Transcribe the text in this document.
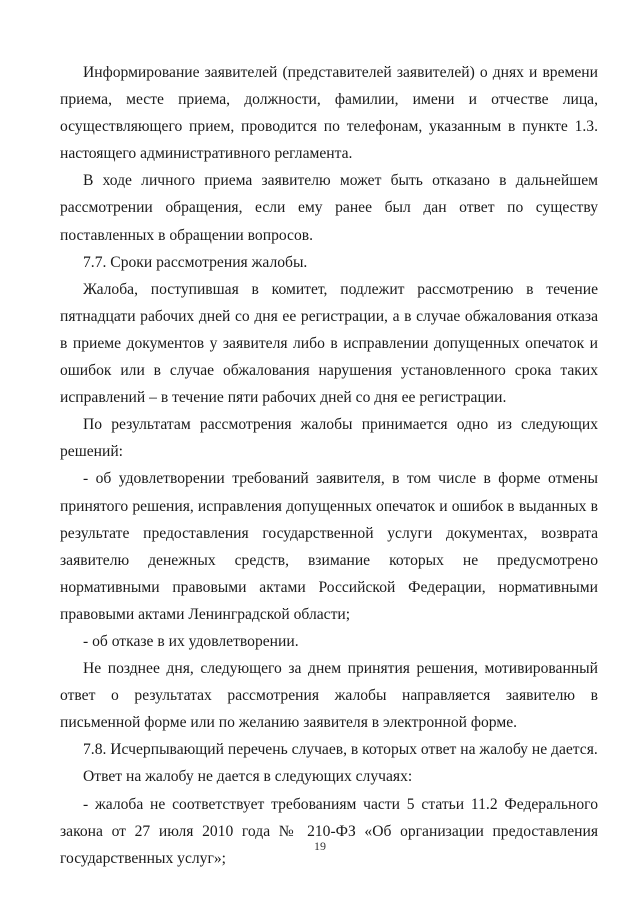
Информирование заявителей (представителей заявителей) о днях и времени приема, месте приема, должности, фамилии, имени и отчестве лица, осуществляющего прием, проводится по телефонам, указанным в пункте 1.3. настоящего административного регламента.

В ходе личного приема заявителю может быть отказано в дальнейшем рассмотрении обращения, если ему ранее был дан ответ по существу поставленных в обращении вопросов.

7.7. Сроки рассмотрения жалобы.

Жалоба, поступившая в комитет, подлежит рассмотрению в течение пятнадцати рабочих дней со дня ее регистрации, а в случае обжалования отказа в приеме документов у заявителя либо в исправлении допущенных опечаток и ошибок или в случае обжалования нарушения установленного срока таких исправлений – в течение пяти рабочих дней со дня ее регистрации.

По результатам рассмотрения жалобы принимается одно из следующих решений:

- об удовлетворении требований заявителя, в том числе в форме отмены принятого решения, исправления допущенных опечаток и ошибок в выданных в результате предоставления государственной услуги документах, возврата заявителю денежных средств, взимание которых не предусмотрено нормативными правовыми актами Российской Федерации, нормативными правовыми актами Ленинградской области;

- об отказе в их удовлетворении.

Не позднее дня, следующего за днем принятия решения, мотивированный ответ о результатах рассмотрения жалобы направляется заявителю в письменной форме или по желанию заявителя в электронной форме.

7.8. Исчерпывающий перечень случаев, в которых ответ на жалобу не дается.

Ответ на жалобу не дается в следующих случаях:

- жалоба не соответствует требованиям части 5 статьи 11.2 Федерального закона от 27 июля 2010 года № 210-ФЗ «Об организации предоставления государственных услуг»;

19
